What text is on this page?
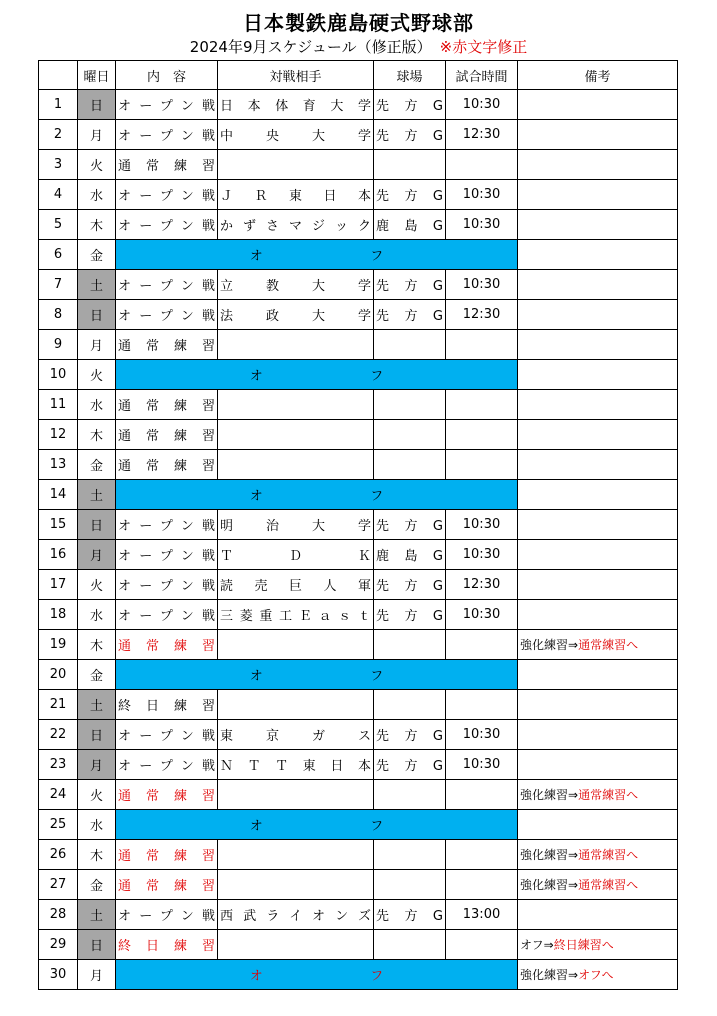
日本製鉄鹿島硬式野球部
2024年9月スケジュール（修正版） ※赤文字修正
	曜日	内　容	対戦相手	球場	試合時間	備考
1	日	オープン戦	日本体育大学	先方G	10:30	
2	月	オープン戦	中　央　大　学	先方G	12:30	
3	火	通常練習				
4	水	オープン戦	ＪＲ東日本	先方G	10:30	
5	木	オープン戦	かずさマジック	鹿島G	10:30	
6	金	オ フ				

7	土	オープン戦	立　教　大　学	先方G	10:30	
8	日	オープン戦	法　政　大　学	先方G	12:30	
9	月	通常練習				
10	火	オ フ				

11	水	通常練習				
12	木	通常練習				
13	金	通常練習				
14	土	オ フ				

15	日	オープン戦	明　治　大　学	先方G	10:30	
16	月	オープン戦	ＴＤＫ	鹿島G	10:30	
17	火	オープン戦	読売巨人軍	先方G	12:30	
18	水	オープン戦	三菱重工Ｅａｓｔ	先方G	10:30	
19	木	通常練習				強化練習⇒通常練習へ
20	金	オ フ				

21	土	終日練習				
22	日	オープン戦	東　京　ガ　ス	先方G	10:30	
23	月	オープン戦	ＮＴＴ東日本	先方G	10:30	
24	火	通常練習				強化練習⇒通常練習へ
25	水	オ フ				

26	木	通常練習				強化練習⇒通常練習へ
27	金	通常練習				強化練習⇒通常練習へ
28	土	オープン戦	西武ライオンズ	先方G	13:00	
29	日	終日練習				オフ⇒終日練習へ
30	月	オ フ				強化練習⇒オフへ
